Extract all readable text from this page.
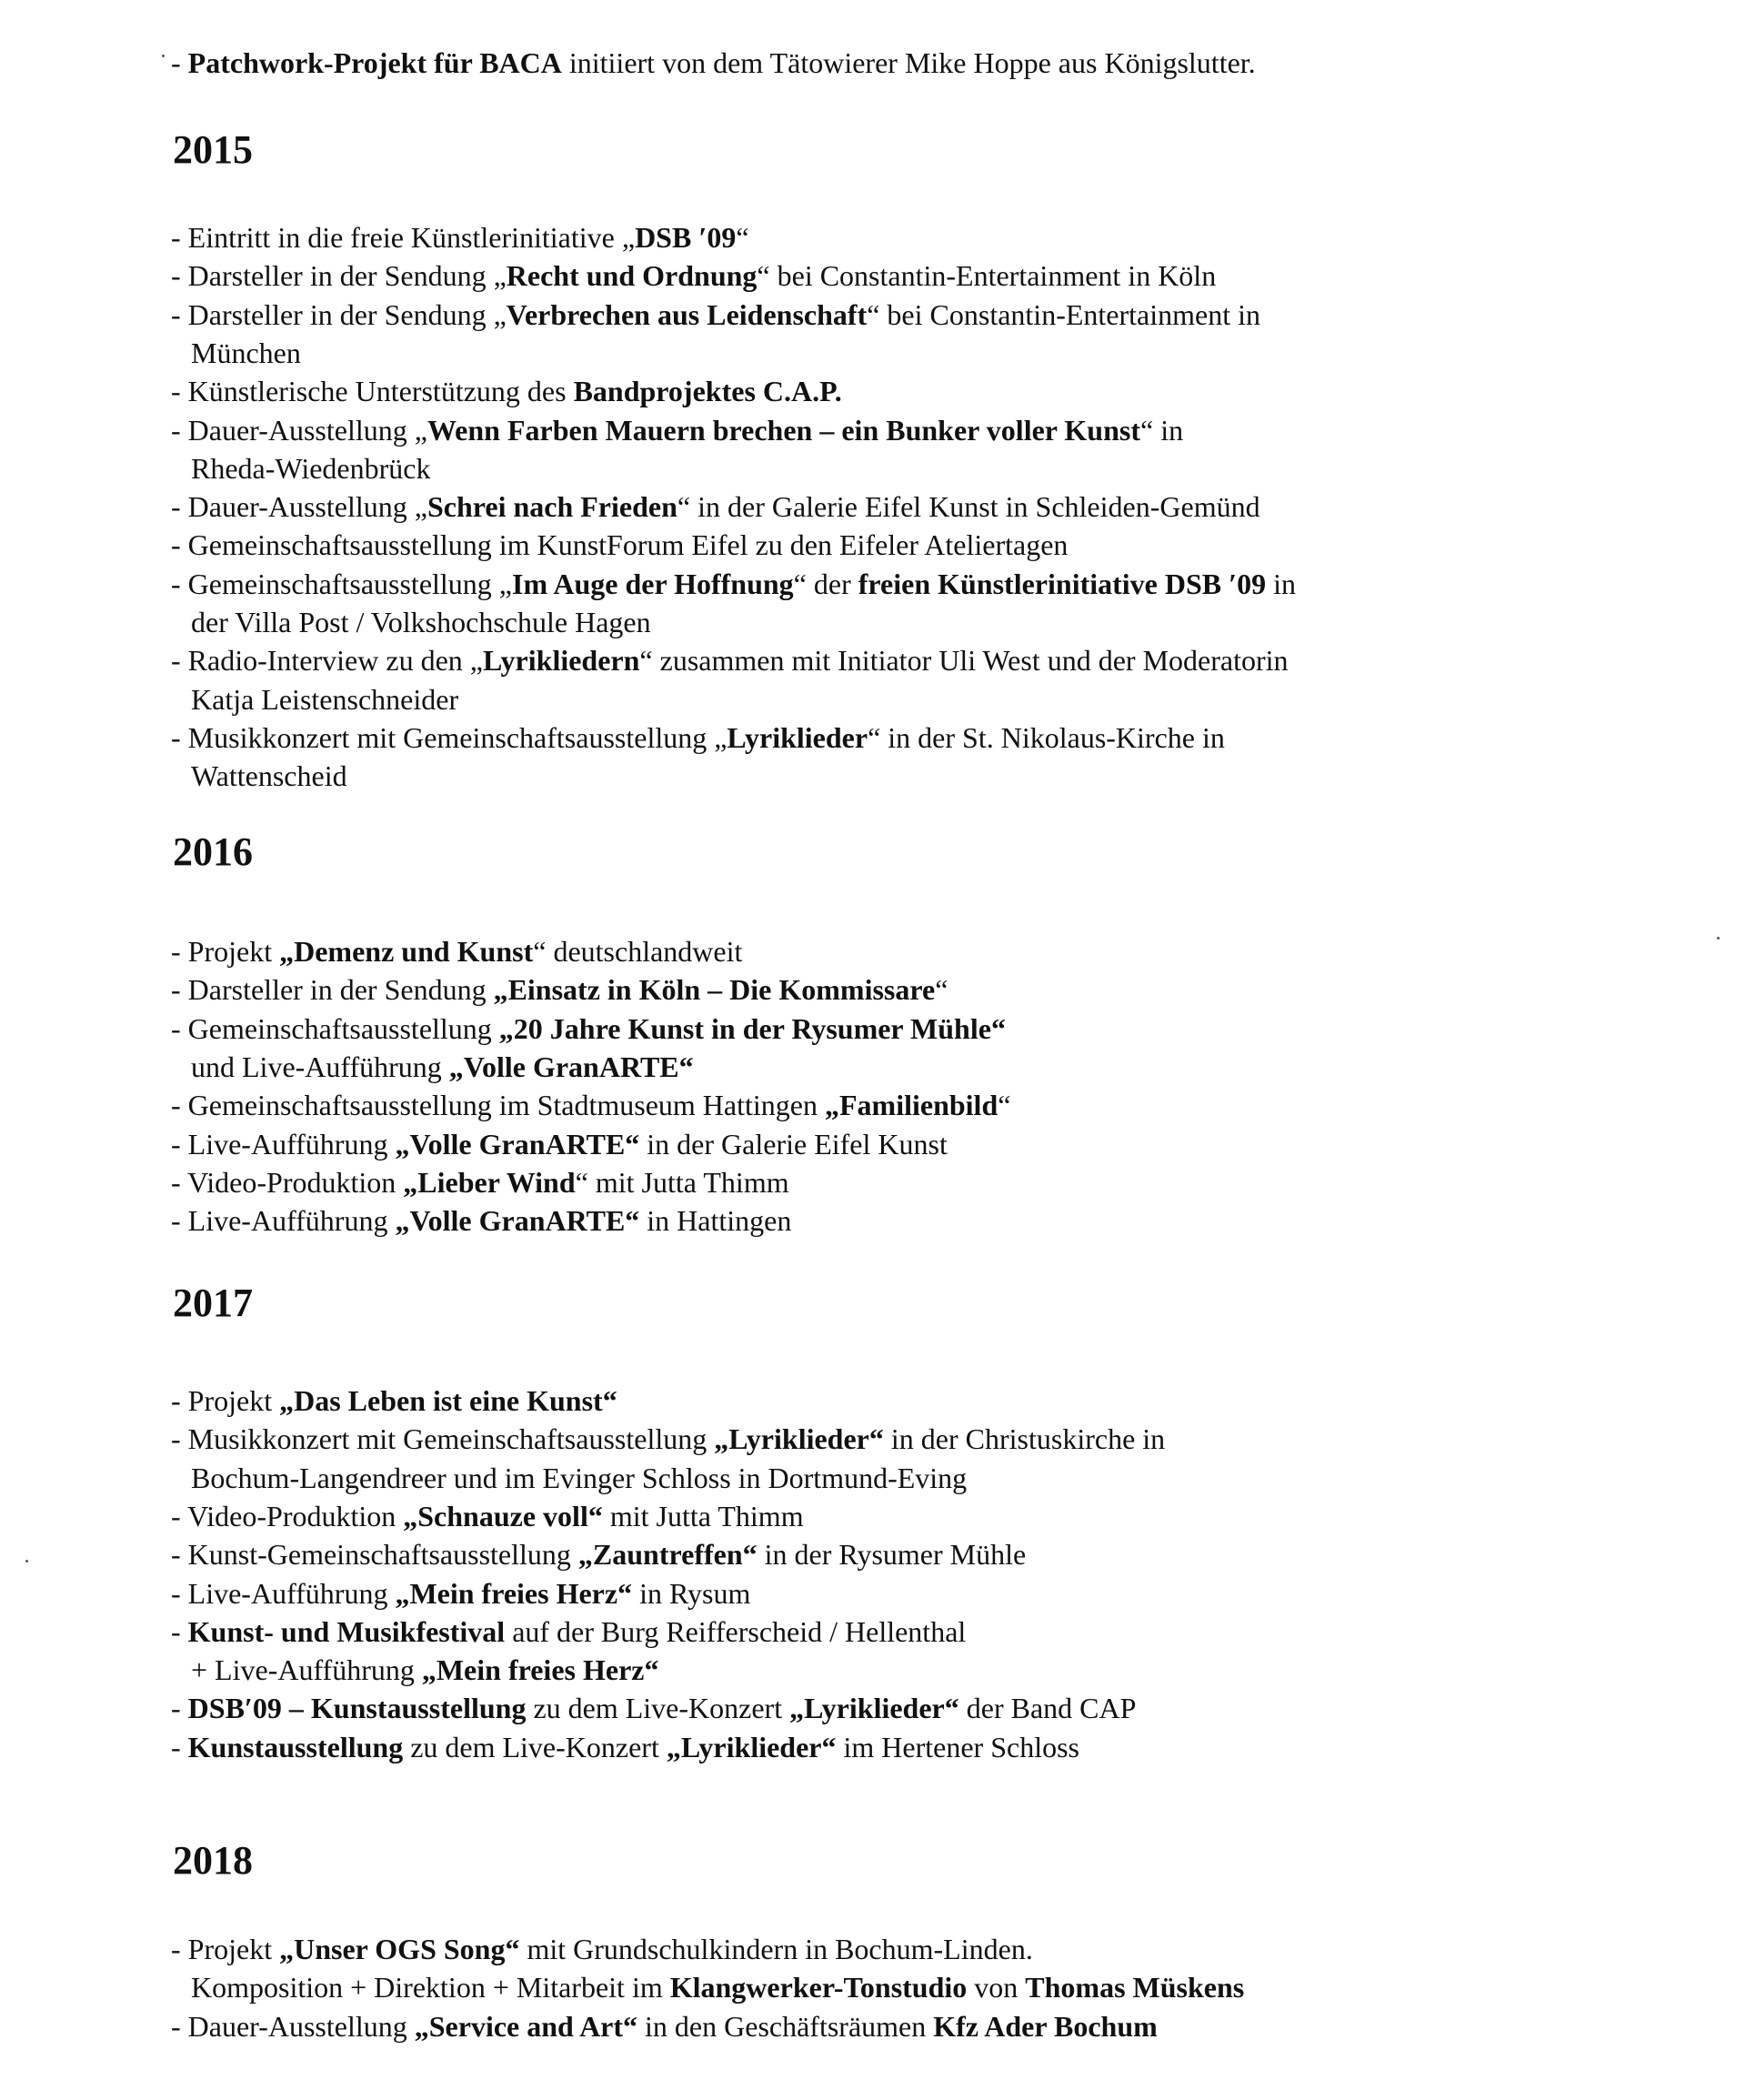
- Patchwork-Projekt für BACA initiiert von dem Tätowierer Mike Hoppe aus Königslutter.
2015
- Eintritt in die freie Künstlerinitiative „DSB ′09“
- Darsteller in der Sendung „Recht und Ordnung“ bei Constantin-Entertainment in Köln
- Darsteller in der Sendung „Verbrechen aus Leidenschaft“ bei Constantin-Entertainment in
München
- Künstlerische Unterstützung des Bandprojektes C.A.P.
- Dauer-Ausstellung „Wenn Farben Mauern brechen – ein Bunker voller Kunst“ in
Rheda-Wiedenbrück
- Dauer-Ausstellung „Schrei nach Frieden“ in der Galerie Eifel Kunst in Schleiden-Gemünd
- Gemeinschaftsausstellung im KunstForum Eifel zu den Eifeler Ateliertagen
- Gemeinschaftsausstellung „Im Auge der Hoffnung“ der freien Künstlerinitiative DSB ′09 in
der Villa Post / Volkshochschule Hagen
- Radio-Interview zu den „Lyrikliedern“ zusammen mit Initiator Uli West und der Moderatorin
Katja Leistenschneider
- Musikkonzert mit Gemeinschaftsausstellung „Lyriklieder“ in der St. Nikolaus-Kirche in
Wattenscheid
2016
- Projekt „Demenz und Kunst“ deutschlandweit
- Darsteller in der Sendung „Einsatz in Köln – Die Kommissare“
- Gemeinschaftsausstellung „20 Jahre Kunst in der Rysumer Mühle“
und Live-Aufführung „Volle GranARTE“
- Gemeinschaftsausstellung im Stadtmuseum Hattingen „Familienbild“
- Live-Aufführung „Volle GranARTE“ in der Galerie Eifel Kunst
- Video-Produktion „Lieber Wind“ mit Jutta Thimm
- Live-Aufführung „Volle GranARTE“ in Hattingen
2017
- Projekt „Das Leben ist eine Kunst“
- Musikkonzert mit Gemeinschaftsausstellung „Lyriklieder“ in der Christuskirche in
Bochum-Langendreer und im Evinger Schloss in Dortmund-Eving
- Video-Produktion „Schnauze voll“ mit Jutta Thimm
- Kunst-Gemeinschaftsausstellung „Zauntreffen“ in der Rysumer Mühle
- Live-Aufführung „Mein freies Herz“ in Rysum
- Kunst- und Musikfestival auf der Burg Reifferscheid / Hellenthal
+ Live-Aufführung „Mein freies Herz“
- DSB′09 – Kunstausstellung zu dem Live-Konzert „Lyriklieder“ der Band CAP
- Kunstausstellung zu dem Live-Konzert „Lyriklieder“ im Hertener Schloss
2018
- Projekt „Unser OGS Song“ mit Grundschulkindern in Bochum-Linden.
Komposition + Direktion + Mitarbeit im Klangwerker-Tonstudio von Thomas Müskens
- Dauer-Ausstellung „Service and Art“ in den Geschäftsräumen Kfz Ader Bochum
